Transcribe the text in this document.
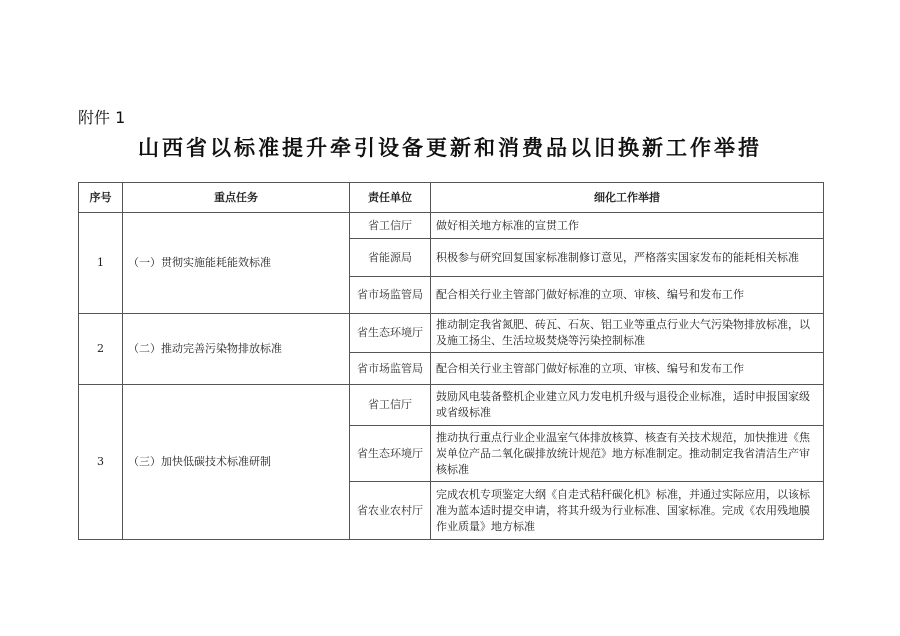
附件 1
山西省以标准提升牵引设备更新和消费品以旧换新工作举措
序号	重点任务	责任单位	细化工作举措
1	（一）贯彻实施能耗能效标准	省工信厅	做好相关地方标准的宣贯工作
		省能源局	积极参与研究回复国家标准制修订意见，严格落实国家发布的能耗相关标准
		省市场监管局	配合相关行业主管部门做好标准的立项、审核、编号和发布工作
2	（二）推动完善污染物排放标准	省生态环境厅	推动制定我省氮肥、砖瓦、石灰、铝工业等重点行业大气污染物排放标准，以及施工扬尘、生活垃圾焚烧等污染控制标准
		省市场监管局	配合相关行业主管部门做好标准的立项、审核、编号和发布工作
3	（三）加快低碳技术标准研制	省工信厅	鼓励风电装备整机企业建立风力发电机升级与退役企业标准，适时申报国家级或省级标准
		省生态环境厅	推动执行重点行业企业温室气体排放核算、核查有关技术规范，加快推进《焦炭单位产品二氧化碳排放统计规范》地方标准制定。推动制定我省清洁生产审核标准
		省农业农村厅	完成农机专项鉴定大纲《自走式秸秆碳化机》标准，并通过实际应用，以该标准为蓝本适时提交申请，将其升级为行业标准、国家标准。完成《农用残地膜作业质量》地方标准
